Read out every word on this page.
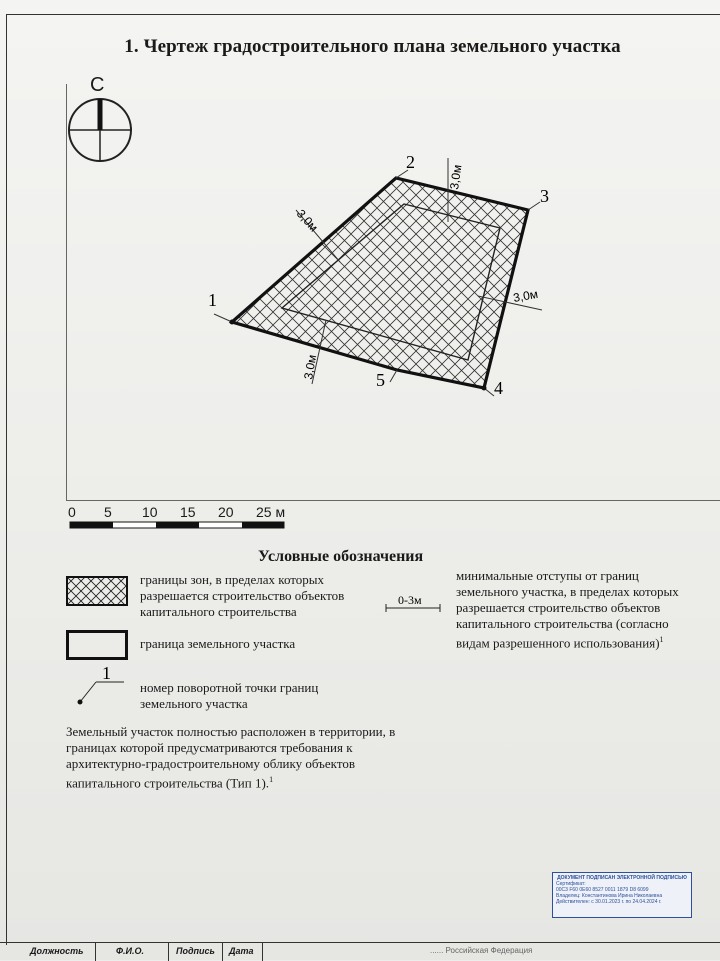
1. Чертеж градостроительного плана земельного участка
С
1
2
3
4
5
3,0м
3,0м
3,0м
3,0м
0 5 10 15 20 25 м
Условные обозначения
границы зон, в пределах которых разрешается строительство объектов капитального строительства
граница земельного участка
1
номер поворотной точки границ земельного участка
0-3м
минимальные отступы от границ земельного участка, в пределах которых разрешается строительство объектов капитального строительства (согласно видам разрешенного использования)$^1$
Земельный участок полностью расположен в территории, в границах которой предусматриваются требования к архитектурно-градостроительному облику объектов капитального строительства (Тип 1).$^1$
ДОКУМЕНТ ПОДПИСАН ЭЛЕКТРОННОЙ ПОДПИСЬЮ
Сертификат:
00С3 F60 0E60 8527 0011 1879 D8 6099
Владелец: Константинова Ирина Николаевна
Действителен: с 30.01.2023 г. по 24.04.2024 г.
Должность	Ф.И.О.	Подпись Дата	...... Российская Федерация
